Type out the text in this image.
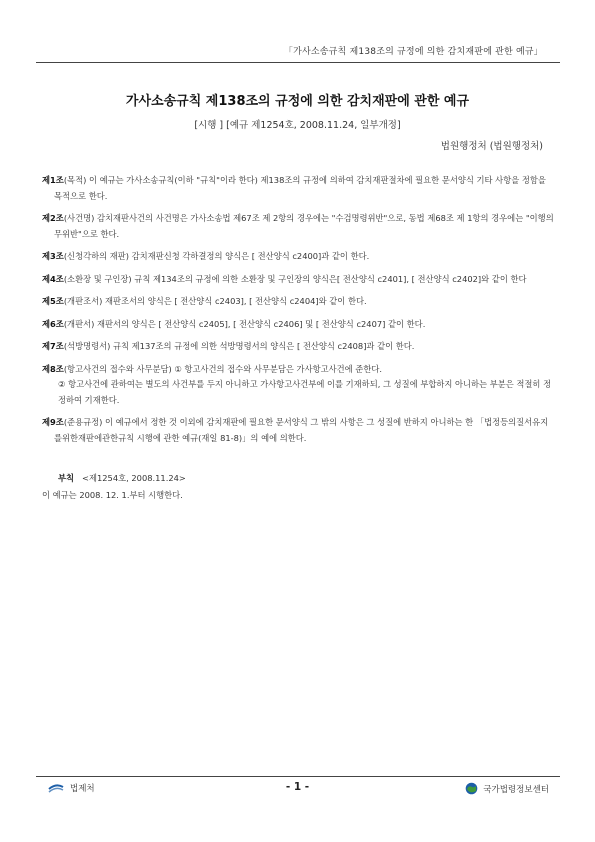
「가사소송규칙 제138조의 규정에 의한 감치재판에 관한 예규」
가사소송규칙 제138조의 규정에 의한 감치재판에 관한 예규
[시행 ] [예규 제1254호, 2008.11.24, 일부개정]
법원행정처 (법원행정처)

제1조(목적) 이 예규는 가사소송규칙(이하 "규칙"이라 한다) 제138조의 규정에 의하여 감치재판절차에 필요한 문서양식 기타 사항을 정함을 목적으로 한다.

제2조(사건명) 감치재판사건의 사건명은 가사소송법 제67조 제 2항의 경우에는 "수검명령위반"으로, 동법 제68조 제 1항의 경우에는 "이행의무위반"으로 한다.

제3조(신청각하의 재판) 감치재판신청 각하결정의 양식은 [ 전산양식 c2400]과 같이 한다.

제4조(소환장 및 구인장) 규칙 제134조의 규정에 의한 소환장 및 구인장의 양식은[ 전산양식 c2401], [ 전산양식 c2402]와 같이 한다

제5조(개판조서) 재판조서의 양식은 [ 전산양식 c2403], [ 전산양식 c2404]와 같이 한다.

제6조(개판서) 재판서의 양식은 [ 전산양식 c2405], [ 전산양식 c2406] 및 [ 전산양식 c2407] 같이 한다.

제7조(석방명령서) 규칙 제137조의 규정에 의한 석방명령서의 양식은 [ 전산양식 c2408]과 같이 한다.

제8조(항고사건의 접수와 사무분담) ① 항고사건의 접수와 사무분담은 가사항고사건에 준한다.
② 항고사건에 관하여는 별도의 사건부를 두지 아니하고 가사항고사건부에 이를 기재하되, 그 성질에 부합하지 아니하는 부분은 적절히 정정하여 기재한다.

제9조(준용규정) 이 예규에서 정한 것 이외에 감치재판에 필요한 문서양식 그 밖의 사항은 그 성질에 반하지 아니하는 한 「법정등의질서유지를위한재판에관한규칙 시행에 관한 예규(재일 81-8)」의 예에 의한다.

부칙 <제1254호, 2008.11.24>
이 예규는 2008. 12. 1.부터 시행한다.
법제처	- 1 -	국가법령정보센터
